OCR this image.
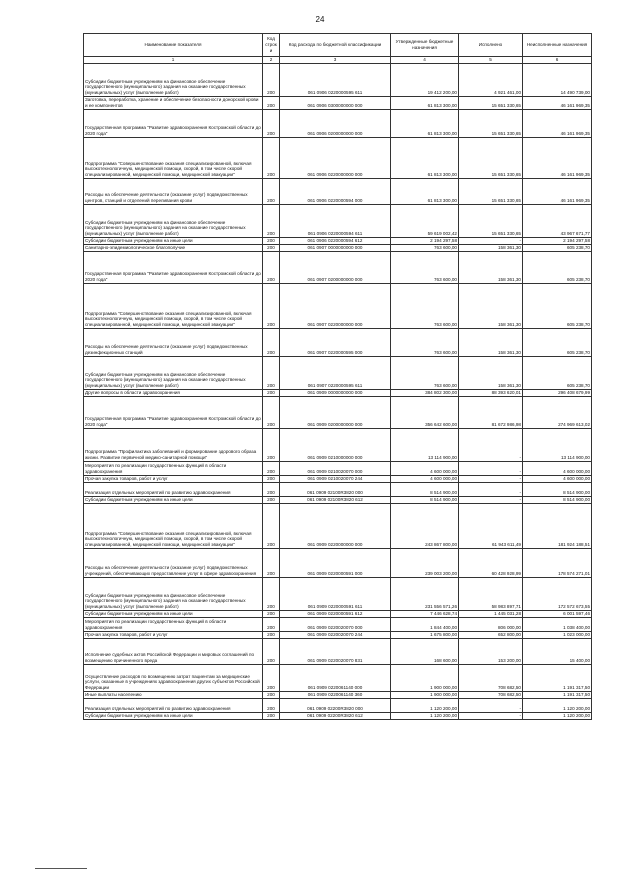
24
Наименование показателя	Код строк и	Код расхода по бюджетной классификации	Утвержденные бюджетные назначения	Исполнено	Неисполненные назначения
1	2	3	4	5	6
Субсидии бюджетным учреждениям на финансовое обеспечение государственного (муниципального) задания на оказание государственных (муниципальных) услуг (выполнение работ)	200	061 0906 0220000595 611	19 412 200,00	4 921 461,00	14 490 739,00
Заготовка, переработка, хранение и обеспечение безопасности донорской крови и ее компонентов	200	061 0906 0300000000 000	61 813 300,00	15 651 330,65	46 161 969,35
Государственная программа "Развитие здравоохранения Костромской области до 2020 года"	200	061 0906 0200000000 000	61 813 300,00	15 651 330,65	46 161 969,35
Подпрограмма "Совершенствование оказания специализированной, включая высокотехнологичную, медицинской помощи, скорой, в том числе скорой специализированной, медицинской помощи, медицинской эвакуации"	200	061 0906 0220000000 000	61 813 300,00	15 651 330,65	46 161 969,35
Расходы на обеспечение деятельности (оказание услуг) подведомственных центров, станций и отделений переливания крови	200	061 0906 0220000594 000	61 813 300,00	15 651 330,65	46 161 969,35
Субсидии бюджетным учреждениям на финансовое обеспечение государственного (муниципального) задания на оказание государственных (муниципальных) услуг (выполнение работ)	200	061 0906 0220000594 611	59 619 002,42	15 651 330,65	43 967 671,77
Субсидии бюджетным учреждениям на иные цели	200	061 0906 0220000594 612	2 194 297,58	-	2 194 297,58
Санитарно-эпидемиологическое благополучие	200	061 0907 0000000000 000	763 600,00	158 361,30	605 238,70
Государственная программа "Развитие здравоохранения Костромской области до 2020 года"	200	061 0907 0200000000 000	763 600,00	158 361,30	605 238,70
Подпрограмма "Совершенствование оказания специализированной, включая высокотехнологичную, медицинской помощи, скорой, в том числе скорой специализированной, медицинской помощи, медицинской эвакуации"	200	061 0907 0220000000 000	763 600,00	158 361,30	605 238,70
Расходы на обеспечение деятельности (оказание услуг) подведомственных дезинфекционных станций	200	061 0907 0220000595 000	763 600,00	158 361,30	605 238,70
Субсидии бюджетным учреждениям на финансовое обеспечение государственного (муниципального) задания на оказание государственных (муниципальных) услуг (выполнение работ)	200	061 0907 0220000595 611	763 600,00	158 361,30	605 238,70
Другие вопросы в области здравоохранения	200	061 0909 0000000000 000	384 802 300,00	88 393 620,01	296 408 679,99
Государственная программа "Развитие здравоохранения Костромской области до 2020 года"	200	061 0909 0200000000 000	356 642 600,00	81 672 986,98	274 969 613,02
Подпрограмма "Профилактика заболеваний и формирование здорового образа жизни. Развитие первичной медико-санитарной помощи"	200	061 0909 0210000000 000	13 114 900,00	-	13 114 900,00
Мероприятия по реализации государственных функций в области здравоохранения	200	061 0909 0210020070 000	4 600 000,00	-	4 600 000,00
Прочая закупка товаров, работ и услуг	200	061 0909 0210020070 244	4 600 000,00	-	4 600 000,00
Реализация отдельных мероприятий по развитию здравоохранения	200	061 0909 02100R3820 000	8 514 900,00	-	8 514 900,00
Субсидии бюджетным учреждениям на иные цели	200	061 0909 02100R3820 612	8 514 900,00	-	8 514 900,00
Подпрограмма "Совершенствование оказания специализированной, включая высокотехнологичную, медицинской помощи, скорой, в том числе скорой специализированной, медицинской помощи, медицинской эвакуации"	200	061 0909 0220000000 000	243 867 800,00	61 943 611,49	181 924 188,51
Расходы на обеспечение деятельности (оказание услуг) подведомственных учреждений, обеспечивающих предоставление услуг в сфере здравоохранения	200	061 0909 0220000591 000	239 003 200,00	60 428 928,99	178 574 271,01
Субсидии бюджетным учреждениям на финансовое обеспечение государственного (муниципального) задания на оказание государственных (муниципальных) услуг (выполнение работ)	200	061 0909 0220000591 611	231 556 571,26	58 983 897,71	172 572 673,55
Субсидии бюджетным учреждениям на иные цели	200	061 0909 0220000591 612	7 446 628,74	1 445 031,28	6 001 597,46
Мероприятия по реализации государственных функций в области здравоохранения	200	061 0909 0220020070 000	1 844 400,00	806 000,00	1 038 400,00
Прочая закупка товаров, работ и услуг	200	061 0909 0220020070 244	1 675 800,00	652 800,00	1 023 000,00
Исполнение судебных актов Российской Федерации и мировых соглашений по возмещению причиненного вреда	200	061 0909 0220020070 831	168 600,00	153 200,00	15 400,00
Осуществление расходов по возмещению затрат пациентам за медицинские услуги, оказанные в учреждениях здравоохранения других субъектов Российской Федерации	200	061 0909 0220061140 000	1 900 000,00	708 682,50	1 191 317,50
Иные выплаты населению	200	061 0909 0220061140 360	1 900 000,00	708 682,50	1 191 317,50
Реализация отдельных мероприятий по развитию здравоохранения	200	061 0909 02200R3820 000	1 120 200,00	-	1 120 200,00
Субсидии бюджетным учреждениям на иные цели	200	061 0909 02200R3820 612	1 120 200,00	-	1 120 200,00
